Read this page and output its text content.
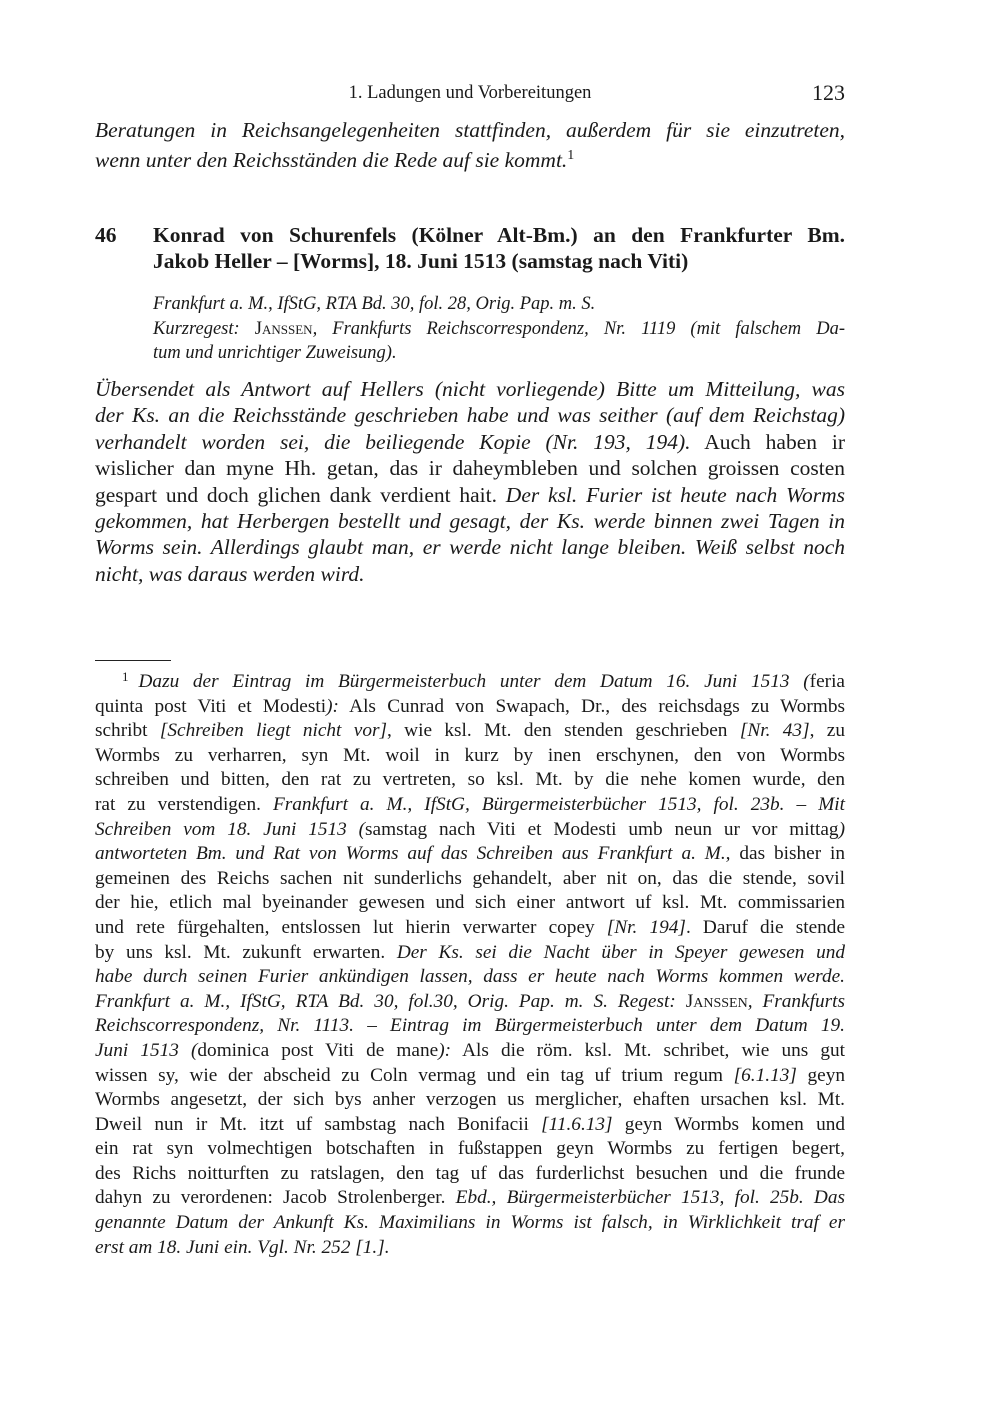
1. Ladungen und Vorbereitungen	123
Beratungen in Reichsangelegenheiten stattfinden, außerdem für sie einzutreten,
wenn unter den Reichsständen die Rede auf sie kommt.$^1$
46 Konrad von Schurenfels (Kölner Alt-Bm.) an den Frankfurter Bm.
Jakob Heller – [Worms], 18. Juni 1513 (samstag nach Viti)
Frankfurt a. M., IfStG, RTA Bd. 30, fol. 28, Orig. Pap. m. S.
Kurzregest: Janssen, Frankfurts Reichscorrespondenz, Nr. 1119 (mit falschem Da-
tum und unrichtiger Zuweisung).
Übersendet als Antwort auf Hellers (nicht vorliegende) Bitte um Mitteilung, was
der Ks. an die Reichsstände geschrieben habe und was seither (auf dem Reichstag)
verhandelt worden sei, die beiliegende Kopie (Nr. 193, 194). Auch haben ir
wislicher dan myne Hh. getan, das ir daheymbleben und solchen groissen costen
gespart und doch glichen dank verdient hait. Der ksl. Furier ist heute nach Worms
gekommen, hat Herbergen bestellt und gesagt, der Ks. werde binnen zwei Tagen in
Worms sein. Allerdings glaubt man, er werde nicht lange bleiben. Weiß selbst noch
nicht, was daraus werden wird.
$^1$ Dazu der Eintrag im Bürgermeisterbuch unter dem Datum 16. Juni 1513 (feria
quinta post Viti et Modesti): Als Cunrad von Swapach, Dr., des reichsdags zu Wormbs
schribt [Schreiben liegt nicht vor], wie ksl. Mt. den stenden geschrieben [Nr. 43], zu
Wormbs zu verharren, syn Mt. woil in kurz by inen erschynen, den von Wormbs
schreiben und bitten, den rat zu vertreten, so ksl. Mt. by die nehe komen wurde, den
rat zu verstendigen. Frankfurt a. M., IfStG, Bürgermeisterbücher 1513, fol. 23b. – Mit
Schreiben vom 18. Juni 1513 (samstag nach Viti et Modesti umb neun ur vor mittag)
antworteten Bm. und Rat von Worms auf das Schreiben aus Frankfurt a. M., das bisher in
gemeinen des Reichs sachen nit sunderlichs gehandelt, aber nit on, das die stende, sovil
der hie, etlich mal byeinander gewesen und sich einer antwort uf ksl. Mt. commissarien
und rete fürgehalten, entslossen lut hierin verwarter copey [Nr. 194]. Daruf die stende
by uns ksl. Mt. zukunft erwarten. Der Ks. sei die Nacht über in Speyer gewesen und
habe durch seinen Furier ankündigen lassen, dass er heute nach Worms kommen werde.
Frankfurt a. M., IfStG, RTA Bd. 30, fol.30, Orig. Pap. m. S. Regest: Janssen, Frankfurts
Reichscorrespondenz, Nr. 1113. – Eintrag im Bürgermeisterbuch unter dem Datum 19.
Juni 1513 (dominica post Viti de mane): Als die röm. ksl. Mt. schribet, wie uns gut
wissen sy, wie der abscheid zu Coln vermag und ein tag uf trium regum [6.1.13] geyn
Wormbs angesetzt, der sich bys anher verzogen us merglicher, ehaften ursachen ksl. Mt.
Dweil nun ir Mt. itzt uf sambstag nach Bonifacii [11.6.13] geyn Wormbs komen und
ein rat syn volmechtigen botschaften in fußstappen geyn Wormbs zu fertigen begert,
des Richs noitturften zu ratslagen, den tag uf das furderlichst besuchen und die frunde
dahyn zu verordenen: Jacob Strolenberger. Ebd., Bürgermeisterbücher 1513, fol. 25b. Das
genannte Datum der Ankunft Ks. Maximilians in Worms ist falsch, in Wirklichkeit traf er
erst am 18. Juni ein. Vgl. Nr. 252 [1.].
